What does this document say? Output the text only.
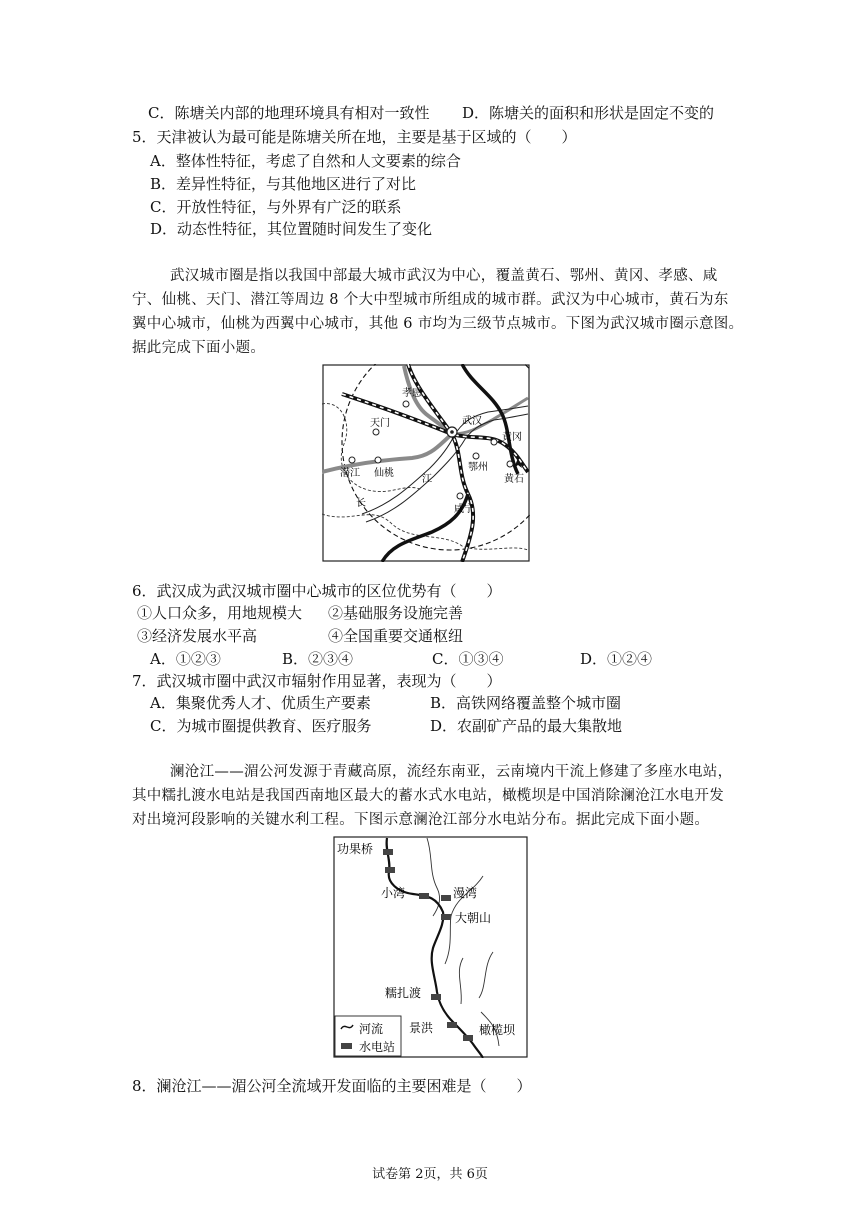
C．陈塘关内部的地理环境具有相对一致性 D．陈塘关的面积和形状是固定不变的
5．天津被认为最可能是陈塘关所在地，主要是基于区域的（　　）
A．整体性特征，考虑了自然和人文要素的综合
B．差异性特征，与其他地区进行了对比
C．开放性特征，与外界有广泛的联系
D．动态性特征，其位置随时间发生了变化
武汉城市圈是指以我国中部最大城市武汉为中心，覆盖黄石、鄂州、黄冈、孝感、咸
宁、仙桃、天门、潜江等周边 8 个大中型城市所组成的城市群。武汉为中心城市，黄石为东
翼中心城市，仙桃为西翼中心城市，其他 6 市均为三级节点城市。下图为武汉城市圈示意图。
据此完成下面小题。
孝感
天门	武汉
黄冈
潜江 仙桃
鄂州
黄石
江
长
咸宁
6．武汉成为武汉城市圈中心城市的区位优势有（　　）
①人口众多，用地规模大 ②基础服务设施完善
③经济发展水平高	④全国重要交通枢纽
A．①②③	B．②③④	C．①③④	D．①②④
7．武汉城市圈中武汉市辐射作用显著，表现为（　　）
A．集聚优秀人才、优质生产要素	B．高铁网络覆盖整个城市圈
C．为城市圈提供教育、医疗服务	D．农副矿产品的最大集散地
澜沧江——湄公河发源于青藏高原，流经东南亚，云南境内干流上修建了多座水电站，
其中糯扎渡水电站是我国西南地区最大的蓄水式水电站，橄榄坝是中国消除澜沧江水电开发
对出境河段影响的关键水利工程。下图示意澜沧江部分水电站分布。据此完成下面小题。
功果桥
小湾	漫湾
大朝山
糯扎渡
景洪	橄榄坝
河流
水电站
8．澜沧江——湄公河全流域开发面临的主要困难是（　　）
试卷第 2页，共 6页
